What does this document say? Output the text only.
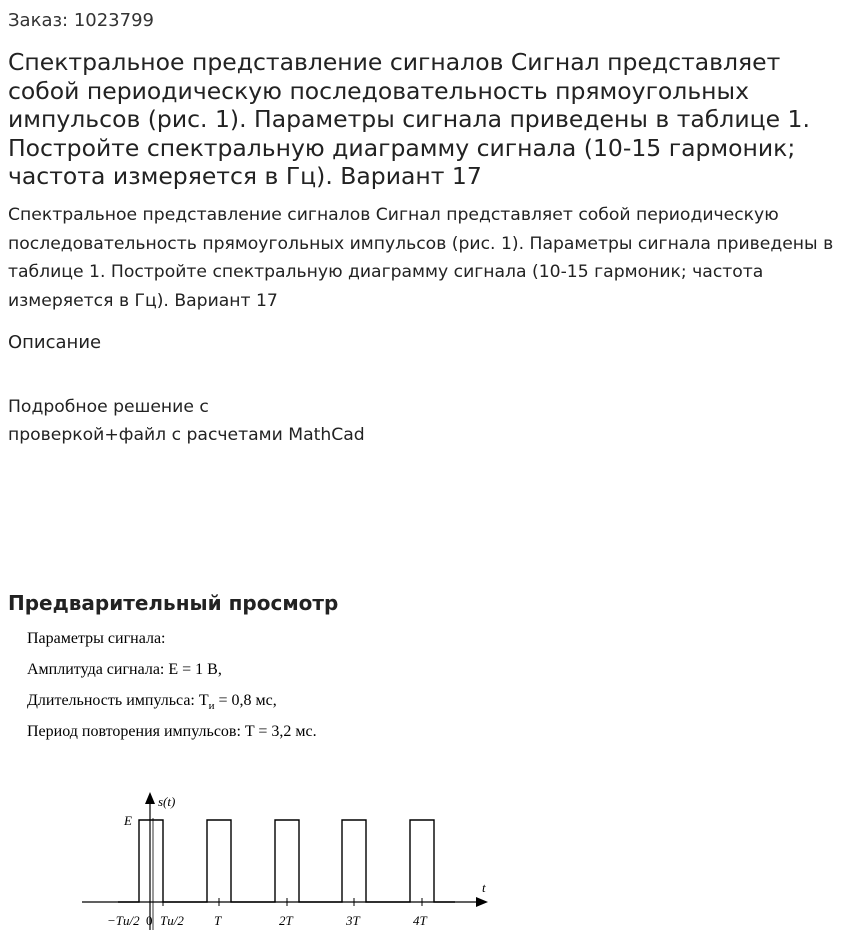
Заказ: 1023799
Спектральное представление сигналов Сигнал представляет собой периодическую последовательность прямоугольных импульсов (рис. 1). Параметры сигнала приведены в таблице 1. Постройте спектральную диаграмму сигнала (10-15 гармоник; частота измеряется в Гц). Вариант 17

Спектральное представление сигналов Сигнал представляет собой периодическую последовательность прямоугольных импульсов (рис. 1). Параметры сигнала приведены в таблице 1. Постройте спектральную диаграмму сигнала (10-15 гармоник; частота измеряется в Гц). Вариант 17

Описание
Подробное решение с
проверкой+файл с расчетами MathCad
Предварительный просмотр
Параметры сигнала:
Амплитуда сигнала: E = 1 В,
Длительность импульса: $T_и = 0,8$ мс,
Период повторения импульсов: T = 3,2 мс.
s(t)
t
E
−Tи/2 0 Tи/2 T	2T	3T	4T
